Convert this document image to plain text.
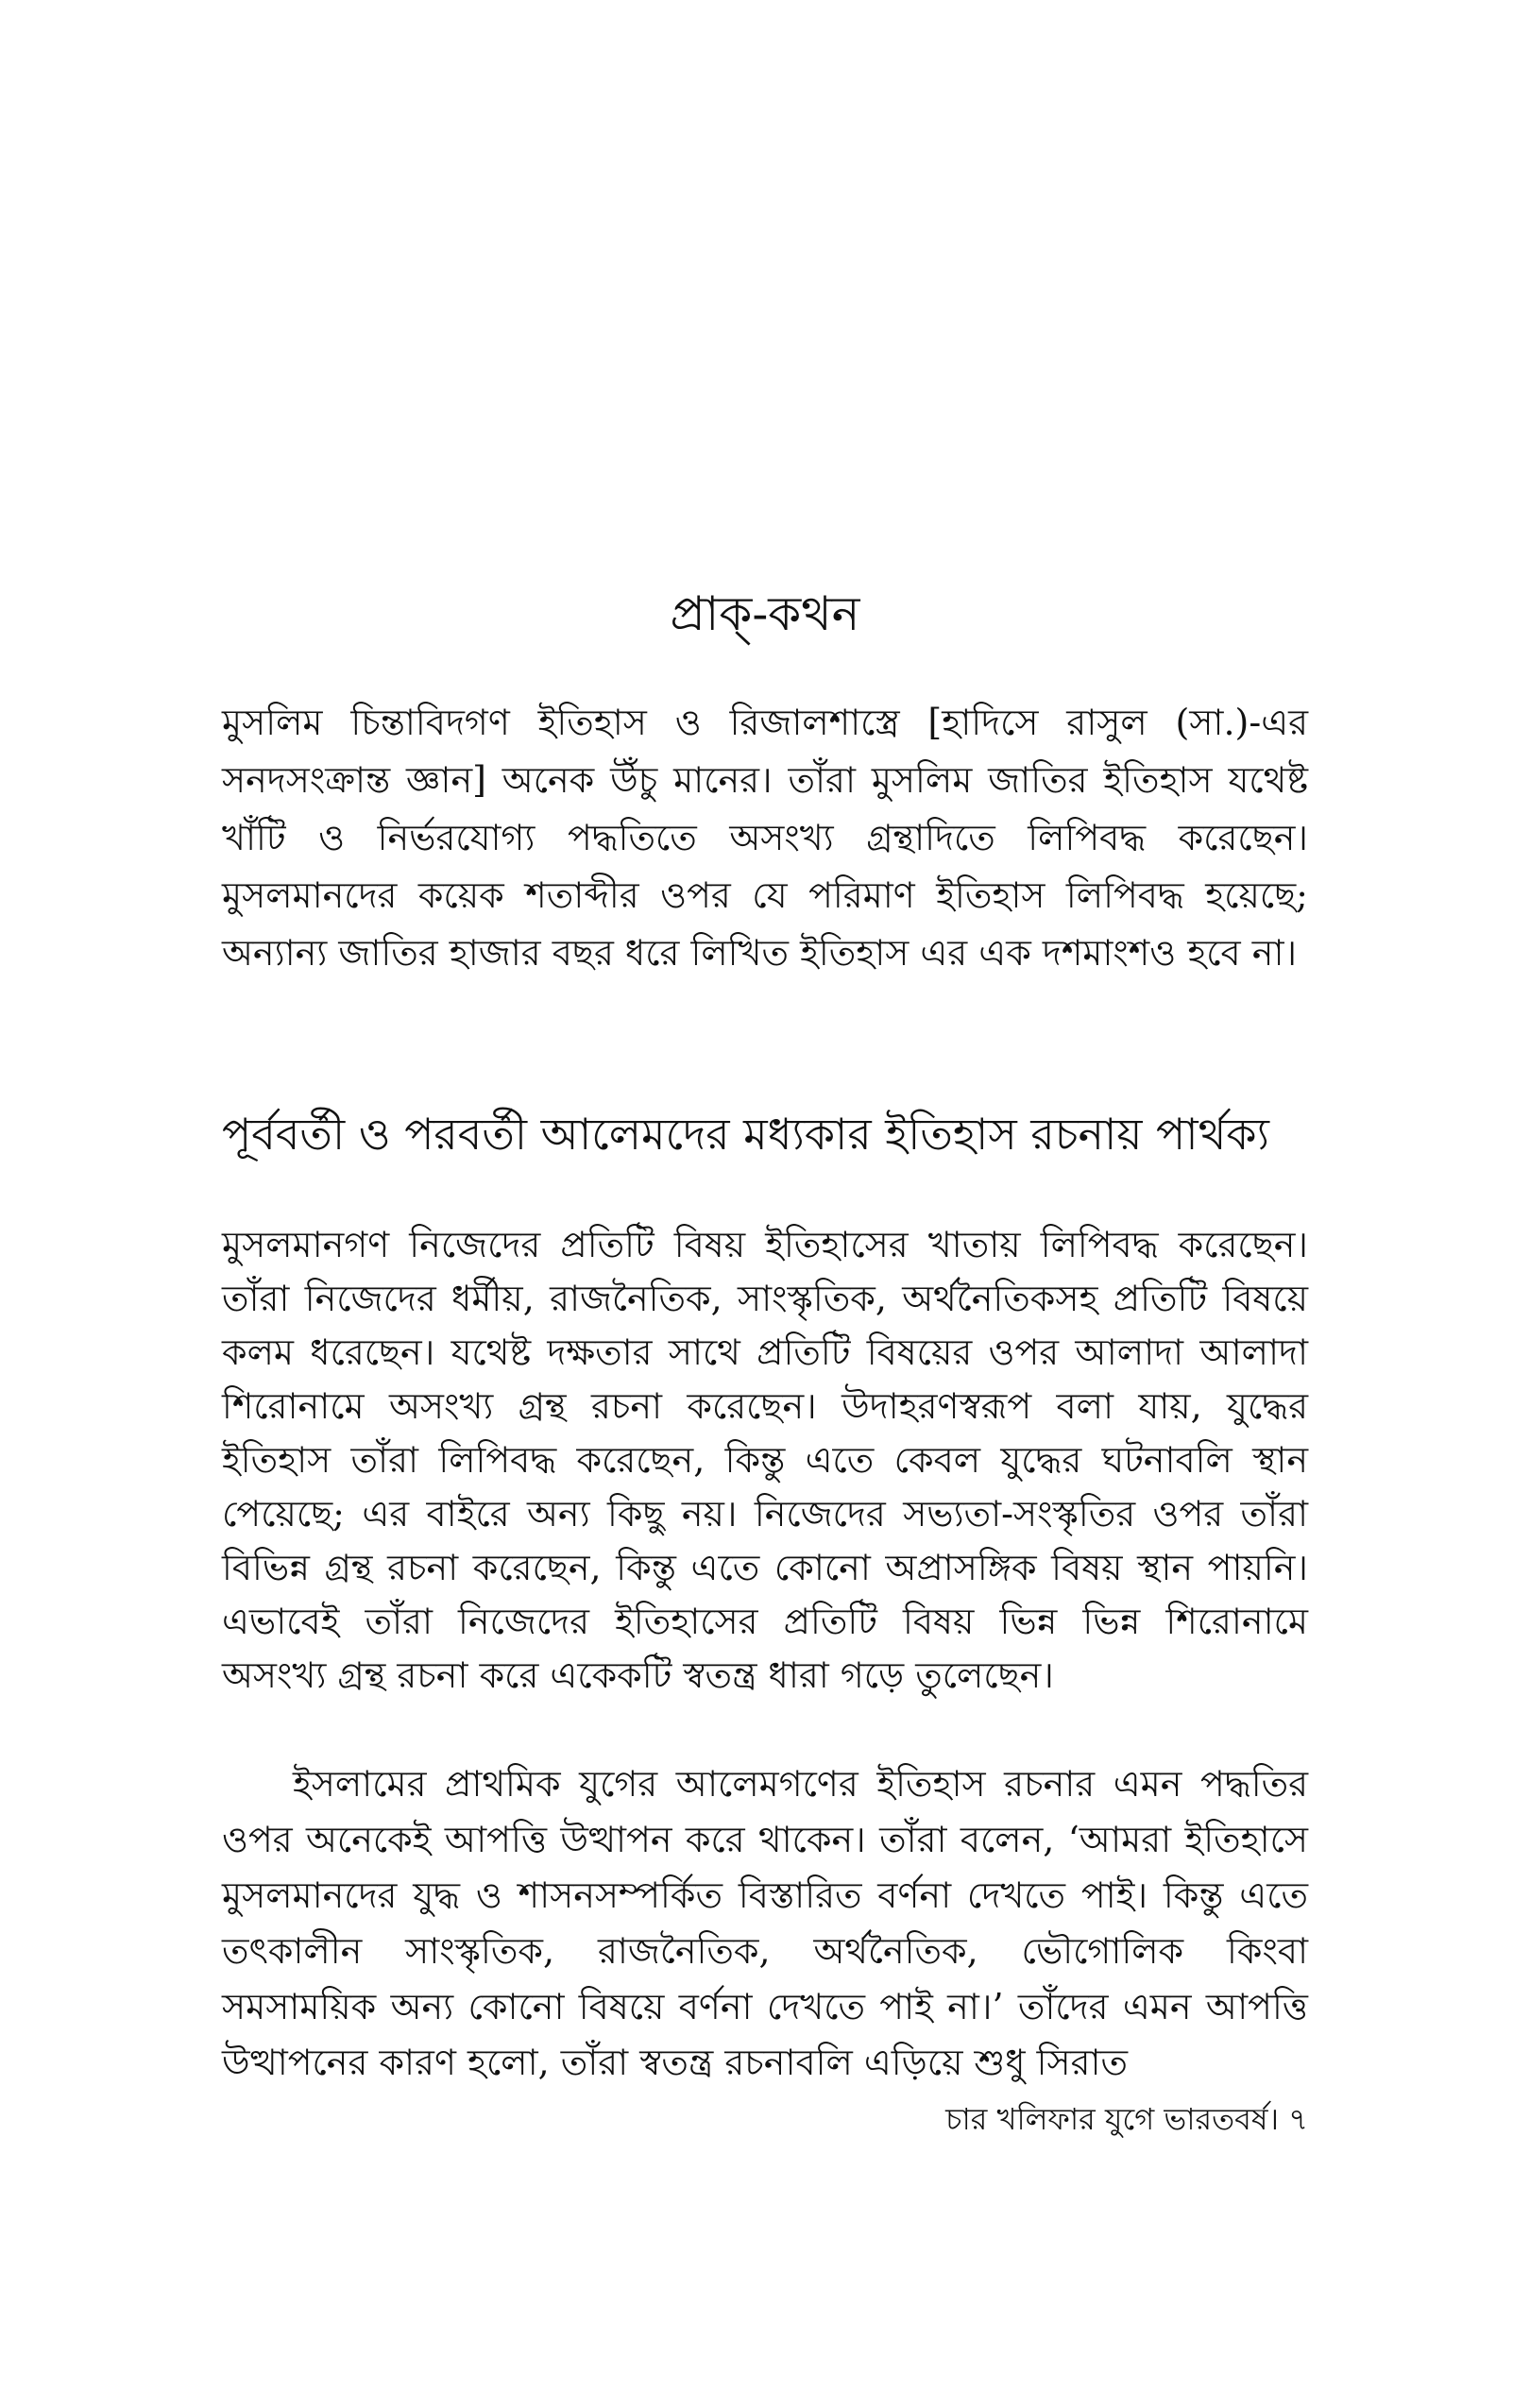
প্রাক্-কথন

মুসলিম চিন্তাবিদগণ ইতিহাস ও রিজালশাস্ত্রে [হাদিসে রাসুল (সা.)-এর সনদসংক্রান্ত জ্ঞান] অনেক উঁচু মানের। তাঁরা মুসলিম জাতির ইতিহাস যথেষ্ট খাঁটি ও নির্ভরযোগ্য পদ্ধতিতে অসংখ্য গ্রন্থাদিতে লিপিবদ্ধ করেছেন। মুসলমানদের কয়েক শতাব্দীর ওপর যে পরিমাণ ইতিহাস লিপিবদ্ধ হয়েছে; অন্যান্য জাতির হাজার বছর ধরে লিখিত ইতিহাস এর এক দশমাংশও হবে না।

পূর্ববর্তী ও পরবর্তী আলেমদের মধ্যকার ইতিহাস রচনায় পার্থক্য

মুসলমানগণ নিজেদের প্রতিটি বিষয় ইতিহাসের খাতায় লিপিবদ্ধ করেছেন। তাঁরা নিজেদের ধর্মীয়, রাজনৈতিক, সাংস্কৃতিক, অর্থনৈতিকসহ প্রতিটি বিষয়ে কলম ধরেছেন। যথেষ্ট দক্ষতার সাথে প্রতিটি বিষয়ের ওপর আলাদা আলাদা শিরোনামে অসংখ্য গ্রন্থ রচনা করেছেন। উদাহরণস্বরূপ বলা যায়, যুদ্ধের ইতিহাস তাঁরা লিপিবদ্ধ করেছেন, কিন্তু এতে কেবল যুদ্ধের ঘটনাবলি স্থান পেয়েছে; এর বাইরে অন্য কিছু নয়। নিজেদের সভ্যতা-সংস্কৃতির ওপর তাঁরা বিভিন্ন গ্রন্থ রচনা করেছেন, কিন্তু এতে কোনো অপ্রাসঙ্গিক বিষয় স্থান পায়নি। এভাবেই তাঁরা নিজেদের ইতিহাসের প্রতিটি বিষয় ভিন্ন ভিন্ন শিরোনামে অসংখ্য গ্রন্থ রচনা করে একেকটি স্বতন্ত্র ধারা গড়ে তুলেছেন।

ইসলামের প্রাথমিক যুগের আলেমগণের ইতিহাস রচনার এমন পদ্ধতির ওপর অনেকেই আপত্তি উত্থাপন করে থাকেন। তাঁরা বলেন, ‘আমরা ইতিহাসে মুসলমানদের যুদ্ধ ও শাসনসম্পর্কিত বিস্তারিত বর্ণনা দেখতে পাই। কিন্তু এতে তৎকালীন সাংস্কৃতিক, রাজনৈতিক, অর্থনৈতিক, ভৌগোলিক কিংবা সমসাময়িক অন্য কোনো বিষয়ে বর্ণনা দেখতে পাই না।’ তাঁদের এমন আপত্তি উত্থাপনের কারণ হলো, তাঁরা স্বতন্ত্র রচনাবলি এড়িয়ে শুধু সিরাত

চার খলিফার যুগে ভারতবর্ষ। ৭
